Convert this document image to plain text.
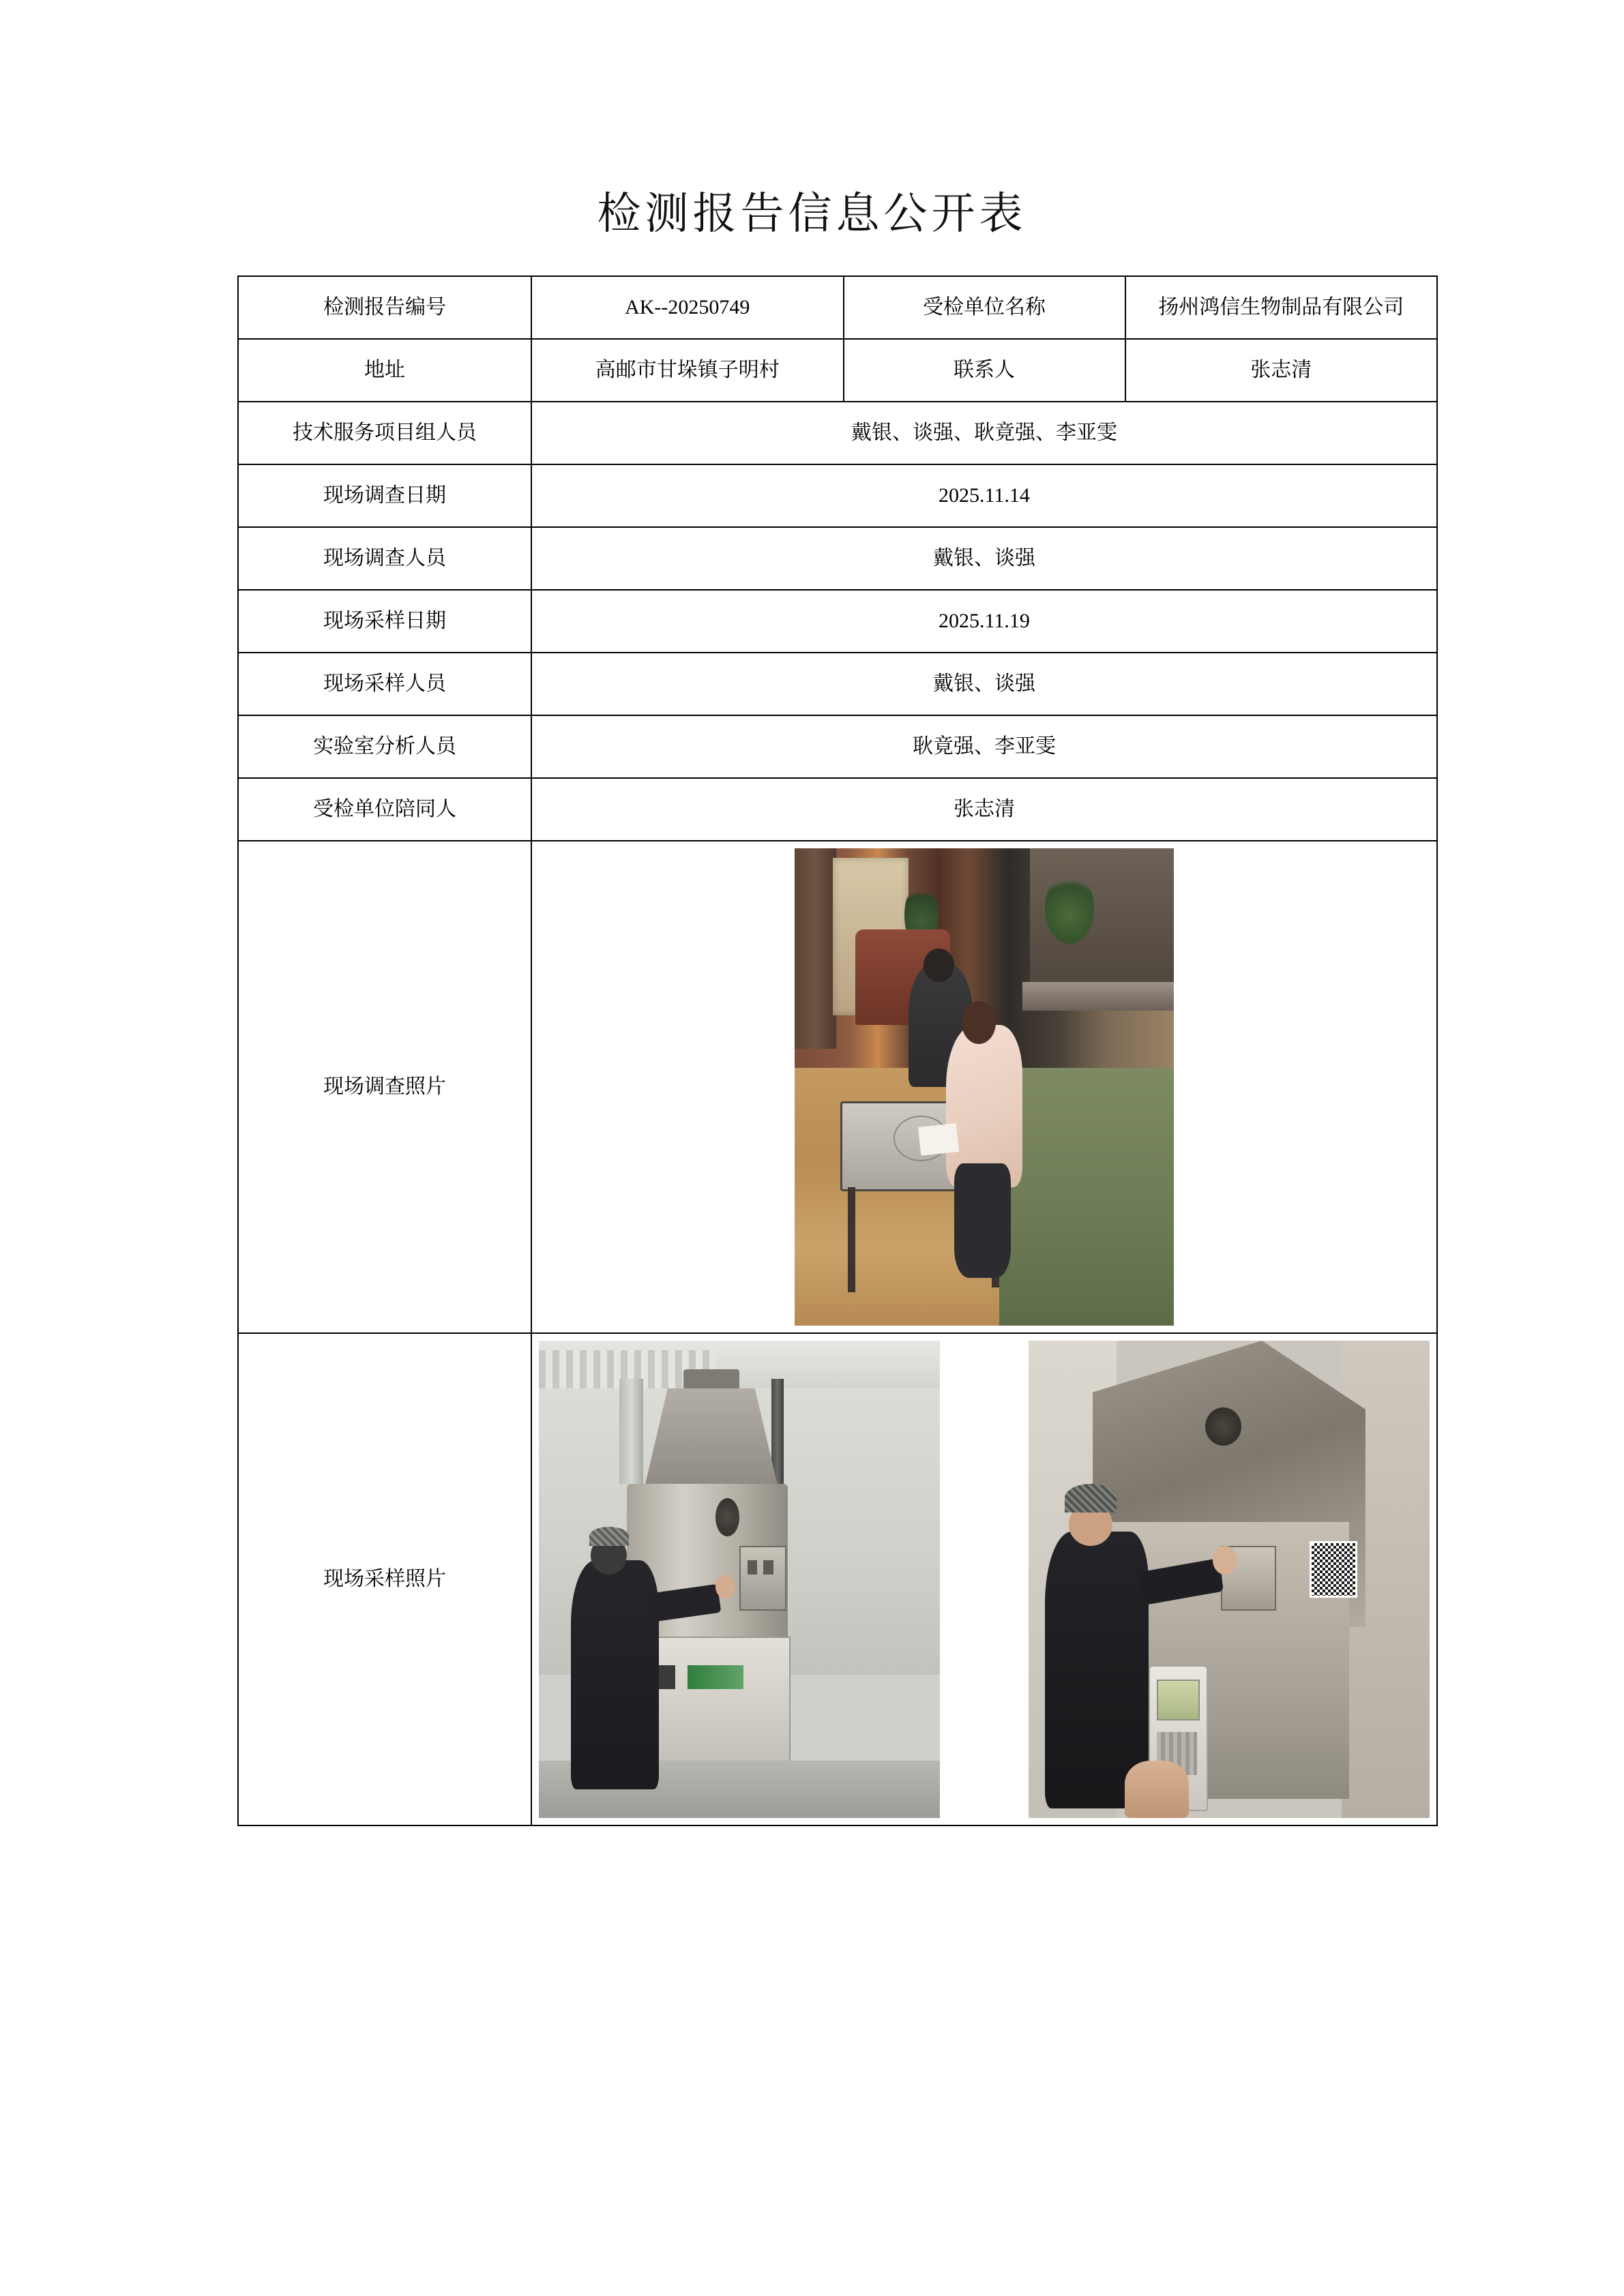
检测报告信息公开表
检测报告编号	AK--20250749	受检单位名称	扬州鸿信生物制品有限公司
地址	高邮市甘垛镇子明村	联系人	张志清
技术服务项目组人员	戴银、谈强、耿竟强、李亚雯		
现场调查日期	2025.11.14		
现场调查人员	戴银、谈强		
现场采样日期	2025.11.19		
现场采样人员	戴银、谈强		
实验室分析人员	耿竟强、李亚雯		
受检单位陪同人	张志清		
现场调查照片			

现场采样照片			
